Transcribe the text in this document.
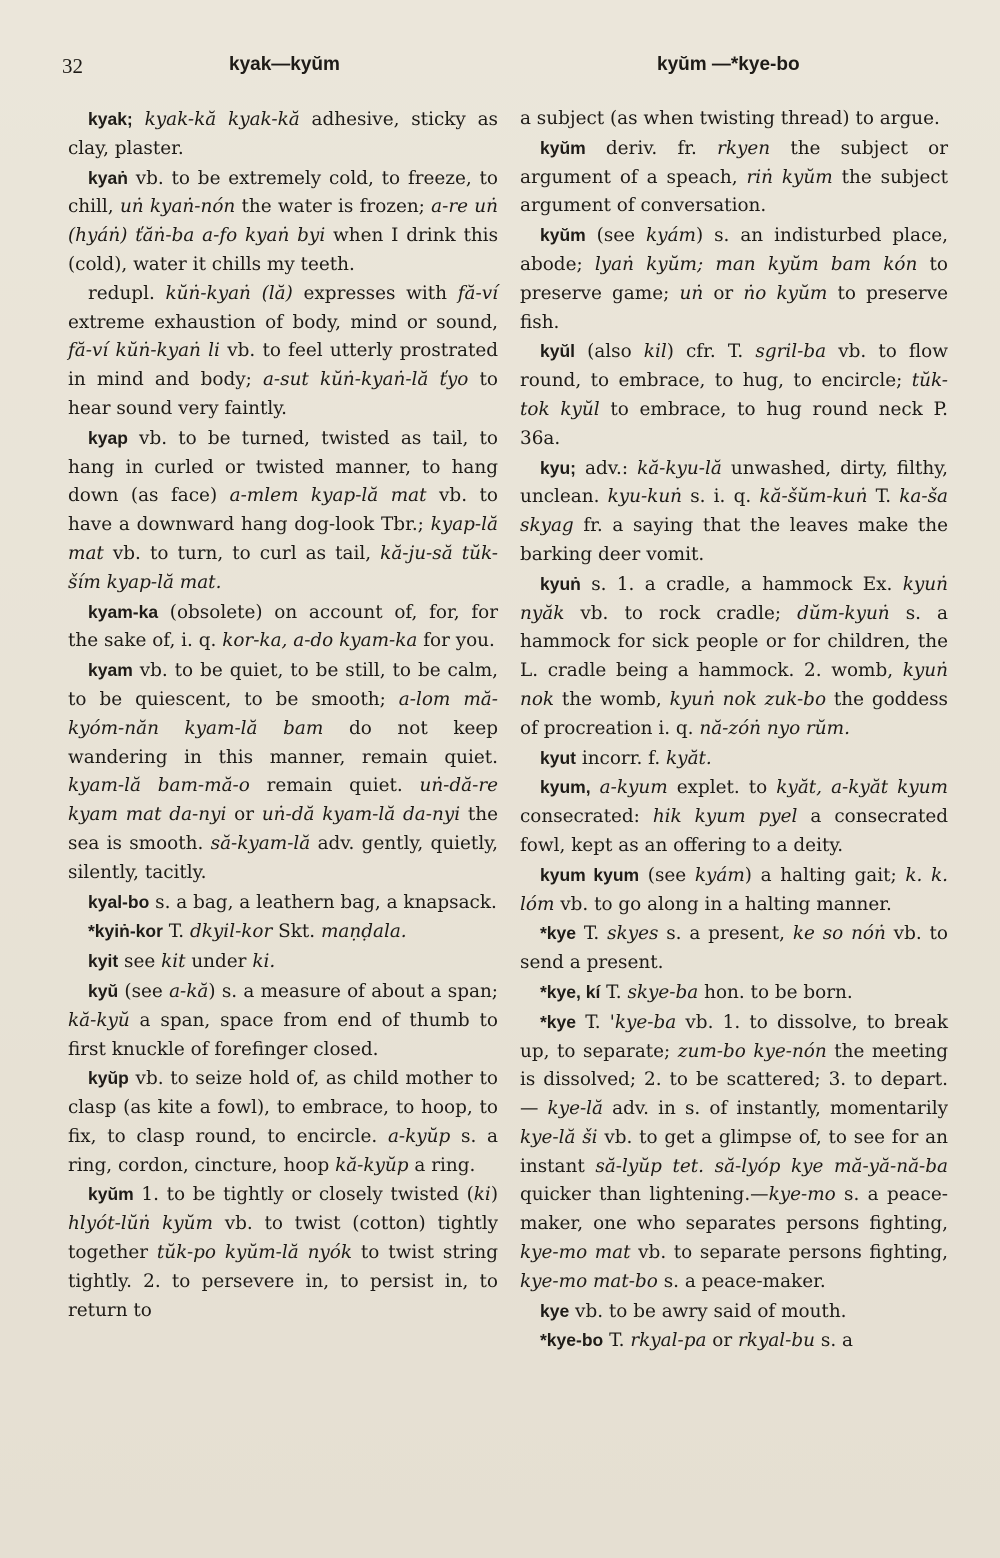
32	kyak—kyŭm	kyŭm —*kye-bo

kyak; kyak-kă kyak-kă adhesive, sticky as clay, plaster.

kyaṅ vb. to be extremely cold, to freeze, to chill, uṅ kyaṅ-nón the water is frozen; a-re uṅ (hyáṅ) ťăṅ-ba a-fo kyaṅ byi when I drink this (cold), water it chills my teeth.

redupl. kŭṅ-kyaṅ (lă) expresses with fă-ví extreme exhaustion of body, mind or sound, fă-ví kŭṅ-kyaṅ li vb. to feel utterly prostrated in mind and body; a-sut kŭṅ-kyaṅ-lă ťyo to hear sound very faintly.

kyap vb. to be turned, twisted as tail, to hang in curled or twisted manner, to hang down (as face) a-mlem kyap-lă mat vb. to have a downward hang dog-look Tbr.; kyap-lă mat vb. to turn, to curl as tail, kă-ju-să tŭk-ším kyap-lă mat.

kyam-ka (obsolete) on account of, for, for the sake of, i. q. kor-ka, a-do kyam-ka for you.

kyam vb. to be quiet, to be still, to be calm, to be quiescent, to be smooth; a-lom mă-kyóm-năn kyam-lă bam do not keep wandering in this manner, remain quiet. kyam-lă bam-mă-o remain quiet. uṅ-dă-re kyam mat da-nyi or uṅ-dă kyam-lă da-nyi the sea is smooth. să-kyam-lă adv. gently, quietly, silently, tacitly.

kyal-bo s. a bag, a leathern bag, a knapsack.

*kyiṅ-kor T. dkyil-kor Skt. maṇḍala.

kyit see kit under ki.

kyŭ (see a-kă) s. a measure of about a span; kă-kyŭ a span, space from end of thumb to first knuckle of forefinger closed.

kyŭp vb. to seize hold of, as child mother to clasp (as kite a fowl), to embrace, to hoop, to fix, to clasp round, to encircle. a-kyŭp s. a ring, cordon, cincture, hoop kă-kyŭp a ring.

kyŭm 1. to be tightly or closely twisted (ki) hlyót-lŭṅ kyŭm vb. to twist (cotton) tightly together tŭk-po kyŭm-lă nyók to twist string tightly. 2. to persevere in, to persist in, to return to

a subject (as when twisting thread) to argue.

kyŭm deriv. fr. rkyen the subject or argument of a speach, riṅ kyŭm the subject argument of conversation.

kyŭm (see kyám) s. an indisturbed place, abode; lyaṅ kyŭm; man kyŭm bam kón to preserve game; uṅ or ṅo kyŭm to preserve fish.

kyŭl (also kil) cfr. T. sgril-ba vb. to flow round, to embrace, to hug, to encircle; tŭk-tok kyŭl to embrace, to hug round neck P. 36a.

kyu; adv.: kă-kyu-lă unwashed, dirty, filthy, unclean. kyu-kuṅ s. i. q. kă-šŭm-kuṅ T. ka-ša skyag fr. a saying that the leaves make the barking deer vomit.

kyuṅ s. 1. a cradle, a hammock Ex. kyuṅ nyăk vb. to rock cradle; dŭm-kyuṅ s. a hammock for sick people or for children, the L. cradle being a hammock. 2. womb, kyuṅ nok the womb, kyuṅ nok zuk-bo the goddess of procreation i. q. nă-zóṅ nyo rŭm.

kyut incorr. f. kyăt.

kyum, a-kyum explet. to kyăt, a-kyăt kyum consecrated: hik kyum pyel a consecrated fowl, kept as an offering to a deity.

kyum kyum (see kyám) a halting gait; k. k. lóm vb. to go along in a halting manner.

*kye T. skyes s. a present, ke so nóṅ vb. to send a present.

*kye, kí T. skye-ba hon. to be born.

*kye T. 'kye-ba vb. 1. to dissolve, to break up, to separate; zum-bo kye-nón the meeting is dissolved; 2. to be scattered; 3. to depart. — kye-lă adv. in s. of instantly, momentarily kye-lă ši vb. to get a glimpse of, to see for an instant să-lyŭp tet. să-lyóp kye mă-yă-nă-ba quicker than lightening.—kye-mo s. a peace-maker, one who separates persons fighting, kye-mo mat vb. to separate persons fighting, kye-mo mat-bo s. a peace-maker.

kye vb. to be awry said of mouth.

*kye-bo T. rkyal-pa or rkyal-bu s. a
